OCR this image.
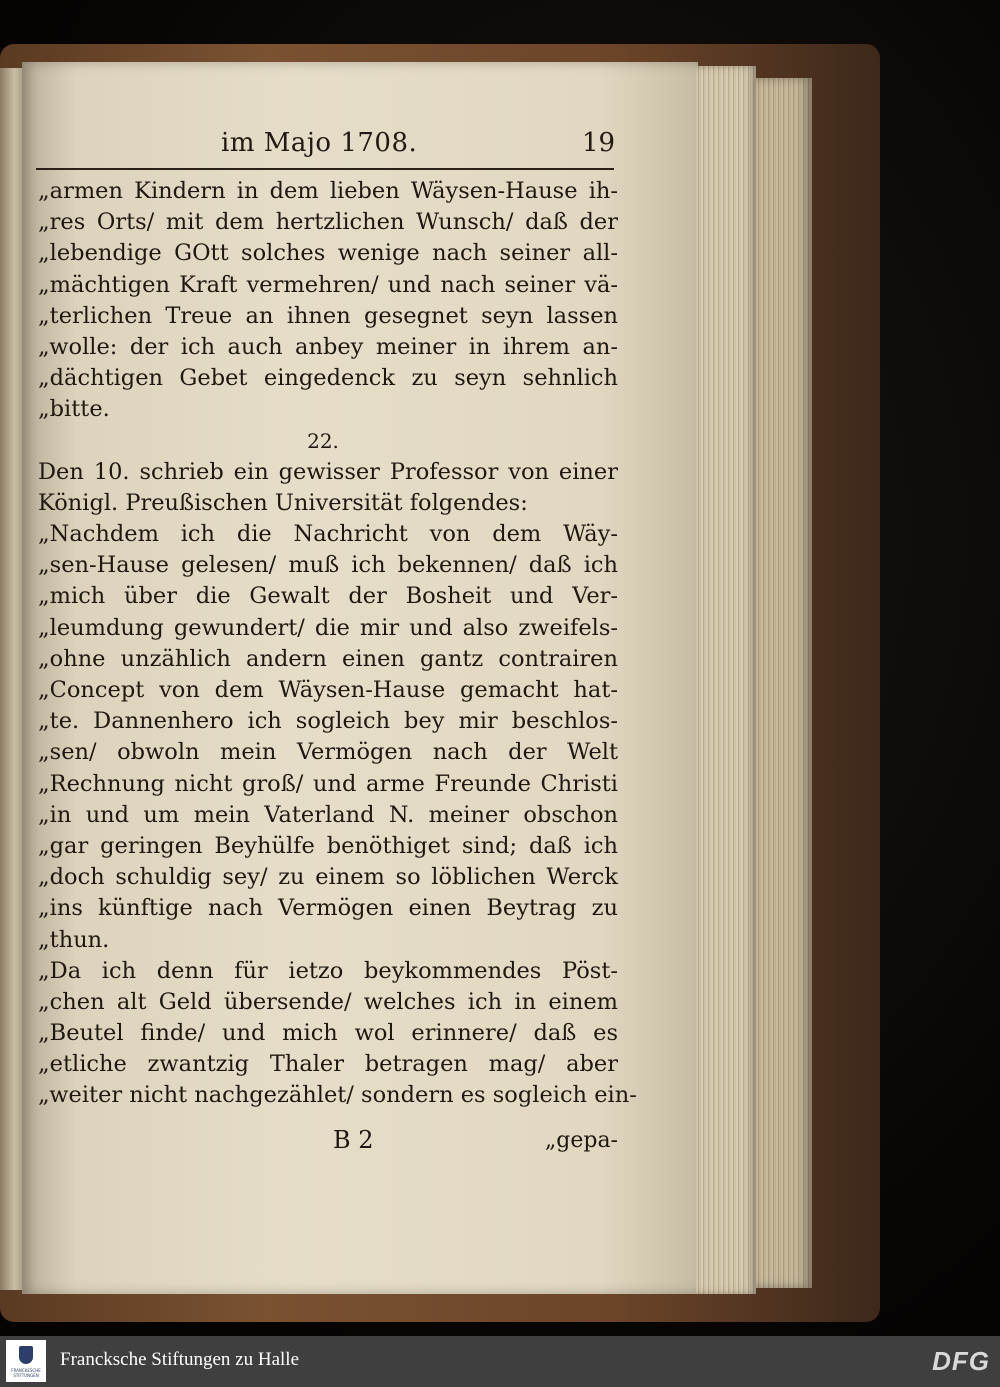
im Majo 1708.	19
„armen Kindern in dem lieben Wäysen-Hause ih-
„res Orts/ mit dem hertzlichen Wunsch/ daß der
„lebendige GOtt solches wenige nach seiner all-
„mächtigen Kraft vermehren/ und nach seiner vä-
„terlichen Treue an ihnen gesegnet seyn lassen
„wolle: der ich auch anbey meiner in ihrem an-
„dächtigen Gebet eingedenck zu seyn sehnlich
„bitte.
22.
Den 10. schrieb ein gewisser Professor von einer
Königl. Preußischen Universität folgendes:
„Nachdem ich die Nachricht von dem Wäy-
„sen-Hause gelesen/ muß ich bekennen/ daß ich
„mich über die Gewalt der Bosheit und Ver-
„leumdung gewundert/ die mir und also zweifels-
„ohne unzählich andern einen gantz contrairen
„Concept von dem Wäysen-Hause gemacht hat-
„te. Dannenhero ich sogleich bey mir beschlos-
„sen/ obwoln mein Vermögen nach der Welt
„Rechnung nicht groß/ und arme Freunde Christi
„in und um mein Vaterland N. meiner obschon
„gar geringen Beyhülfe benöthiget sind; daß ich
„doch schuldig sey/ zu einem so löblichen Werck
„ins künftige nach Vermögen einen Beytrag zu
„thun.
„Da ich denn für ietzo beykommendes Pöst-
„chen alt Geld übersende/ welches ich in einem
„Beutel finde/ und mich wol erinnere/ daß es
„etliche zwantzig Thaler betragen mag/ aber
„weiter nicht nachgezählet/ sondern es sogleich ein-
B 2	„gepa-
FRANCKESCHE STIFTUNGEN
Francksche Stiftungen zu Halle	DFG
